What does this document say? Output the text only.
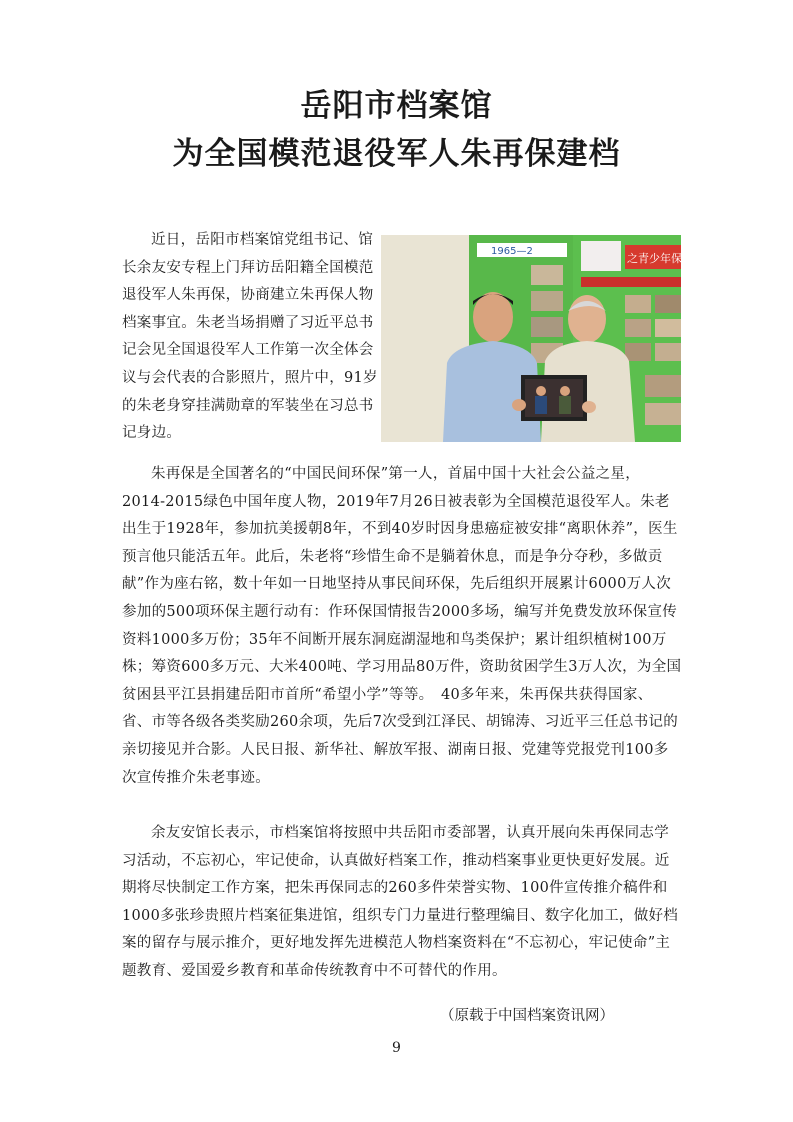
岳阳市档案馆
为全国模范退役军人朱再保建档

近日，岳阳市档案馆党组书记、馆长余友安专程上门拜访岳阳籍全国模范退役军人朱再保，协商建立朱再保人物档案事宜。朱老当场捐赠了习近平总书记会见全国退役军人工作第一次全体会议与会代表的合影照片，照片中，91岁的朱老身穿挂满勋章的军装坐在习总书记身边。

1965—2
之青少年保护

朱再保是全国著名的“中国民间环保”第一人，首届中国十大社会公益之星，2014-2015绿色中国年度人物，2019年7月26日被表彰为全国模范退役军人。朱老出生于1928年，参加抗美援朝8年，不到40岁时因身患癌症被安排“离职休养”，医生预言他只能活五年。此后，朱老将“珍惜生命不是躺着休息，而是争分夺秒，多做贡献”作为座右铭，数十年如一日地坚持从事民间环保，先后组织开展累计6000万人次参加的500项环保主题行动有：作环保国情报告2000多场，编写并免费发放环保宣传资料1000多万份；35年不间断开展东洞庭湖湿地和鸟类保护；累计组织植树100万株；筹资600多万元、大米400吨、学习用品80万件，资助贫困学生3万人次，为全国贫困县平江县捐建岳阳市首所“希望小学”等等。　40多年来，朱再保共获得国家、省、市等各级各类奖励260余项，先后7次受到江泽民、胡锦涛、习近平三任总书记的亲切接见并合影。人民日报、新华社、解放军报、湖南日报、党建等党报党刊100多次宣传推介朱老事迹。

余友安馆长表示，市档案馆将按照中共岳阳市委部署，认真开展向朱再保同志学习活动，不忘初心，牢记使命，认真做好档案工作，推动档案事业更快更好发展。近期将尽快制定工作方案，把朱再保同志的260多件荣誉实物、100件宣传推介稿件和1000多张珍贵照片档案征集进馆，组织专门力量进行整理编目、数字化加工，做好档案的留存与展示推介，更好地发挥先进模范人物档案资料在“不忘初心，牢记使命”主题教育、爱国爱乡教育和革命传统教育中不可替代的作用。

（原载于中国档案资讯网）

9
